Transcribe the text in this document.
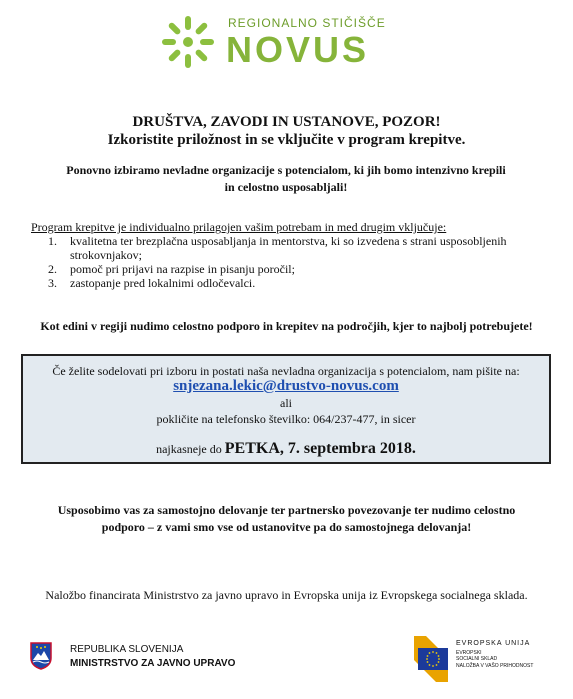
REGIONALNO STIČIŠČE
NOVUS
DRUŠTVA, ZAVODI IN USTANOVE, POZOR!
Izkoristite priložnost in se vključite v program krepitve.
Ponovno izbiramo nevladne organizacije s potencialom, ki jih bomo intenzivno krepili in celostno usposabljali!
Program krepitve je individualno prilagojen vašim potrebam in med drugim vključuje:
1. kvalitetna ter brezplačna usposabljanja in mentorstva, ki so izvedena s strani usposobljenih strokovnjakov;
2. pomoč pri prijavi na razpise in pisanju poročil;
3. zastopanje pred lokalnimi odločevalci.
Kot edini v regiji nudimo celostno podporo in krepitev na področjih, kjer to najbolj potrebujete!
Če želite sodelovati pri izboru in postati naša nevladna organizacija s potencialom, nam pišite na:
snjezana.lekic@drustvo-novus.com
ali
pokličite na telefonsko številko: 064/237-477, in sicer
najkasneje do PETKA, 7. septembra 2018.
Usposobimo vas za samostojno delovanje ter partnersko povezovanje ter nudimo celostno podporo – z vami smo vse od ustanovitve pa do samostojnega delovanja!
Naložbo financirata Ministrstvo za javno upravo in Evropska unija iz Evropskega socialnega sklada.
REPUBLIKA SLOVENIJA
MINISTRSTVO ZA JAVNO UPRAVO
EVROPSKA UNIJA
EVROPSKI
SOCIALNI SKLAD
NALOŽBA V VAŠO PRIHODNOST
